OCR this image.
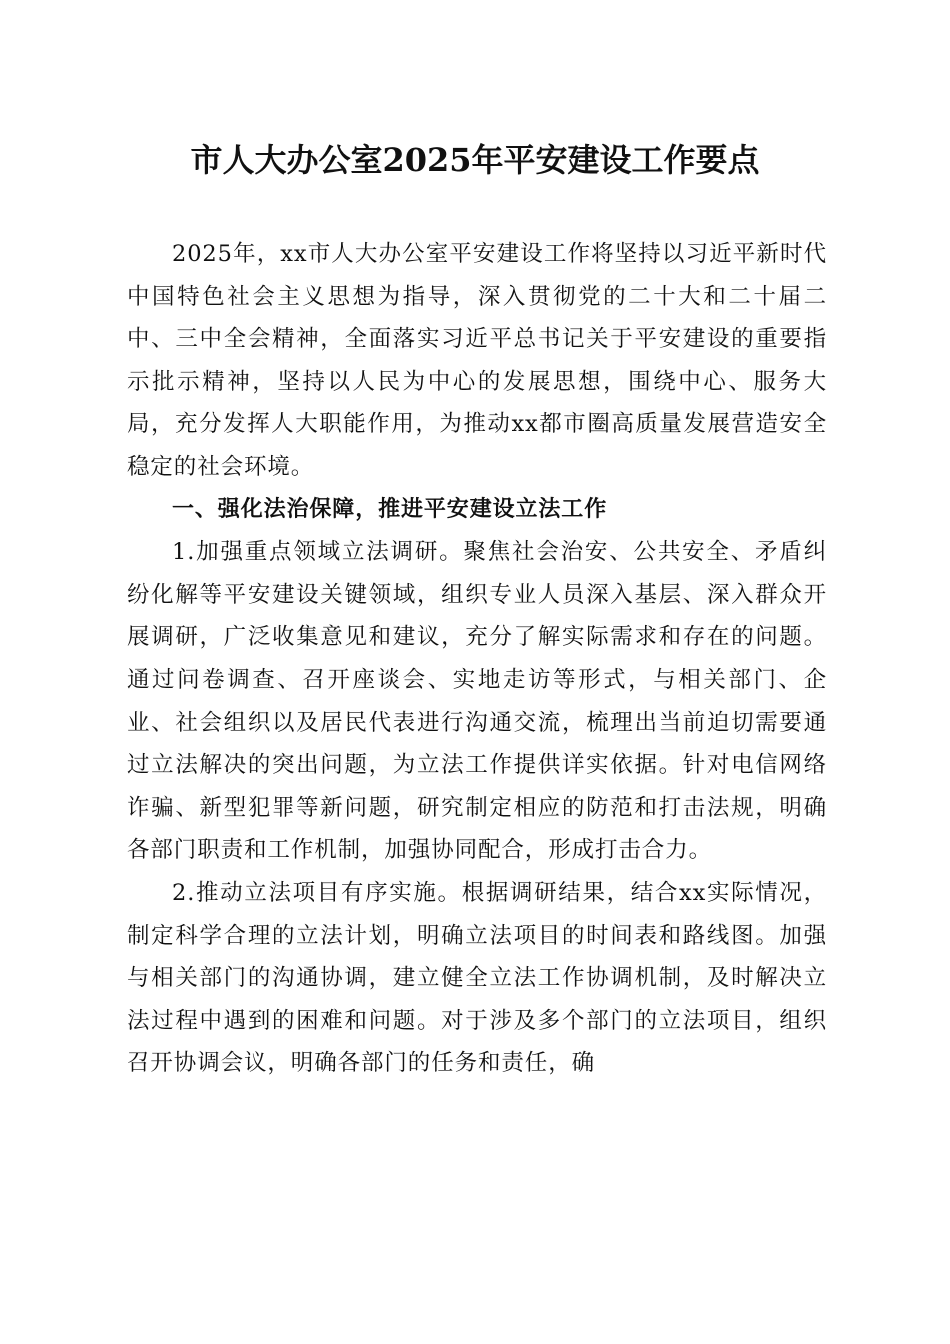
市人大办公室2025年平安建设工作要点

2025年，xx市人大办公室平安建设工作将坚持以习近平新时代中国特色社会主义思想为指导，深入贯彻党的二十大和二十届二中、三中全会精神，全面落实习近平总书记关于平安建设的重要指示批示精神，坚持以人民为中心的发展思想，围绕中心、服务大局，充分发挥人大职能作用，为推动xx都市圈高质量发展营造安全稳定的社会环境。

一、强化法治保障，推进平安建设立法工作

1.加强重点领域立法调研。聚焦社会治安、公共安全、矛盾纠纷化解等平安建设关键领域，组织专业人员深入基层、深入群众开展调研，广泛收集意见和建议，充分了解实际需求和存在的问题。通过问卷调查、召开座谈会、实地走访等形式，与相关部门、企业、社会组织以及居民代表进行沟通交流，梳理出当前迫切需要通过立法解决的突出问题，为立法工作提供详实依据。针对电信网络诈骗、新型犯罪等新问题，研究制定相应的防范和打击法规，明确各部门职责和工作机制，加强协同配合，形成打击合力。

2.推动立法项目有序实施。根据调研结果，结合xx实际情况，制定科学合理的立法计划，明确立法项目的时间表和路线图。加强与相关部门的沟通协调，建立健全立法工作协调机制，及时解决立法过程中遇到的困难和问题。对于涉及多个部门的立法项目，组织召开协调会议，明确各部门的任务和责任，确
